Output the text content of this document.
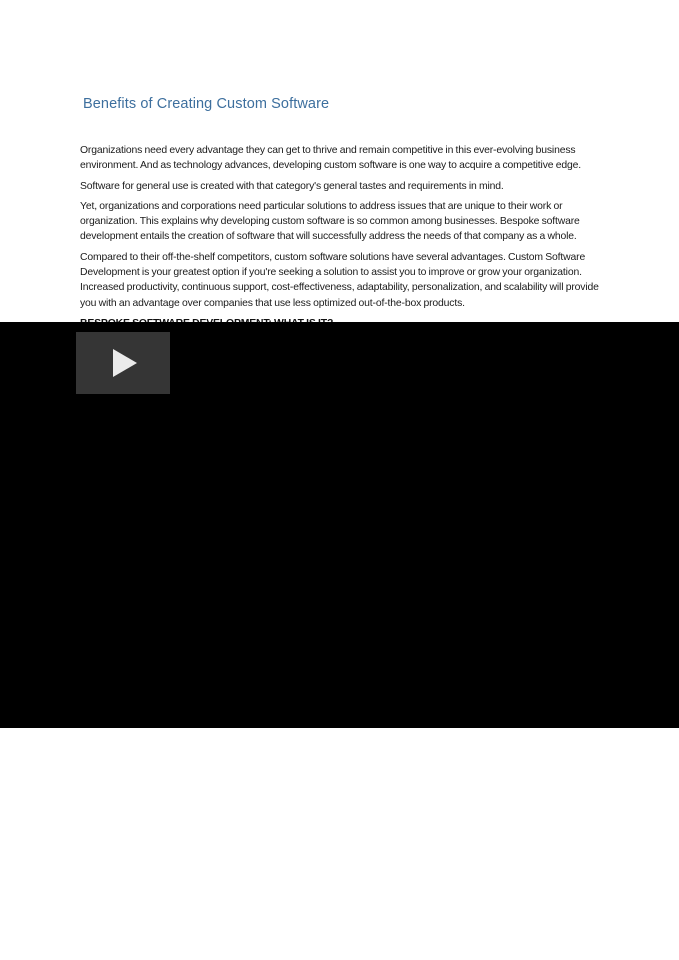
Benefits of Creating Custom Software

Organizations need every advantage they can get to thrive and remain competitive in this ever-evolving business environment. And as technology advances, developing custom software is one way to acquire a competitive edge.

Software for general use is created with that category's general tastes and requirements in mind.

Yet, organizations and corporations need particular solutions to address issues that are unique to their work or organization. This explains why developing custom software is so common among businesses. Bespoke software development entails the creation of software that will successfully address the needs of that company as a whole.

Compared to their off-the-shelf competitors, custom software solutions have several advantages. Custom Software Development is your greatest option if you're seeking a solution to assist you to improve or grow your organization. Increased productivity, continuous support, cost-effectiveness, adaptability, personalization, and scalability will provide you with an advantage over companies that use less optimized out-of-the-box products.
